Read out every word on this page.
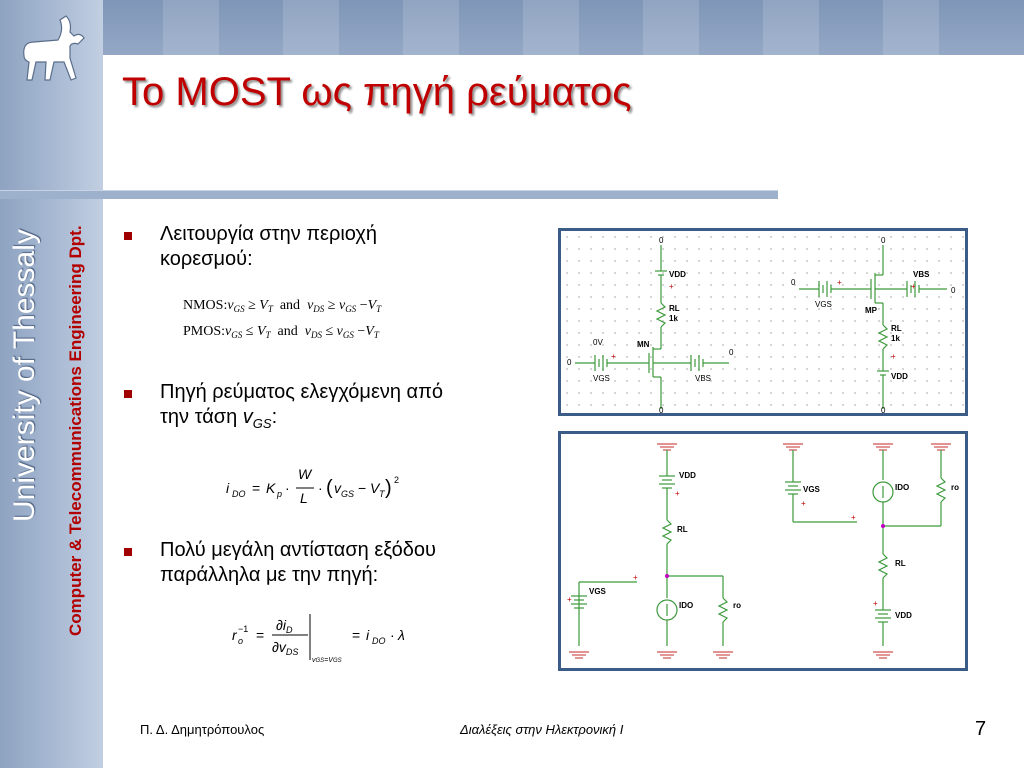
Το MOST ως πηγή ρεύματος
University of Thessaly Computer & Telecommunications Engineering Dpt.	Λειτουργία στην περιοχή
κορεσμού:
$NMOS:v_{GS} \ge V_T$ and $v_{DS} \ge v_{GS} -V_T$
$PMOS:v_{GS} \le V_T$ and $v_{DS} \le v_{GS} -V_T$
Πηγή ρεύματος ελεγχόμενη από
την τάση $v_{GS}$:
i DO = K p ·
W
L
· ( v GS − V T ) 2
Πολύ μεγάλη αντίσταση εξόδου
παράλληλα με την πηγή:
r o
−1 =
$\partial i_D$
$\partial v_{DS}$
vGS=VGS
= i DO · λ
0
VDD
+
RL
1k
MN
0V
0
VGS
+
VBS
0
0
0
VBS
+	0
0
VGS
+
MP
RL
1k
VDD
+
0
VDD
+
RL
VGS
+
+
IDO	ro
VGS
+
+
IDO	ro
RL
VDD
+
Π. Δ. Δημητρόπουλος	Διαλέξεις στην Ηλεκτρονική Ι	7
